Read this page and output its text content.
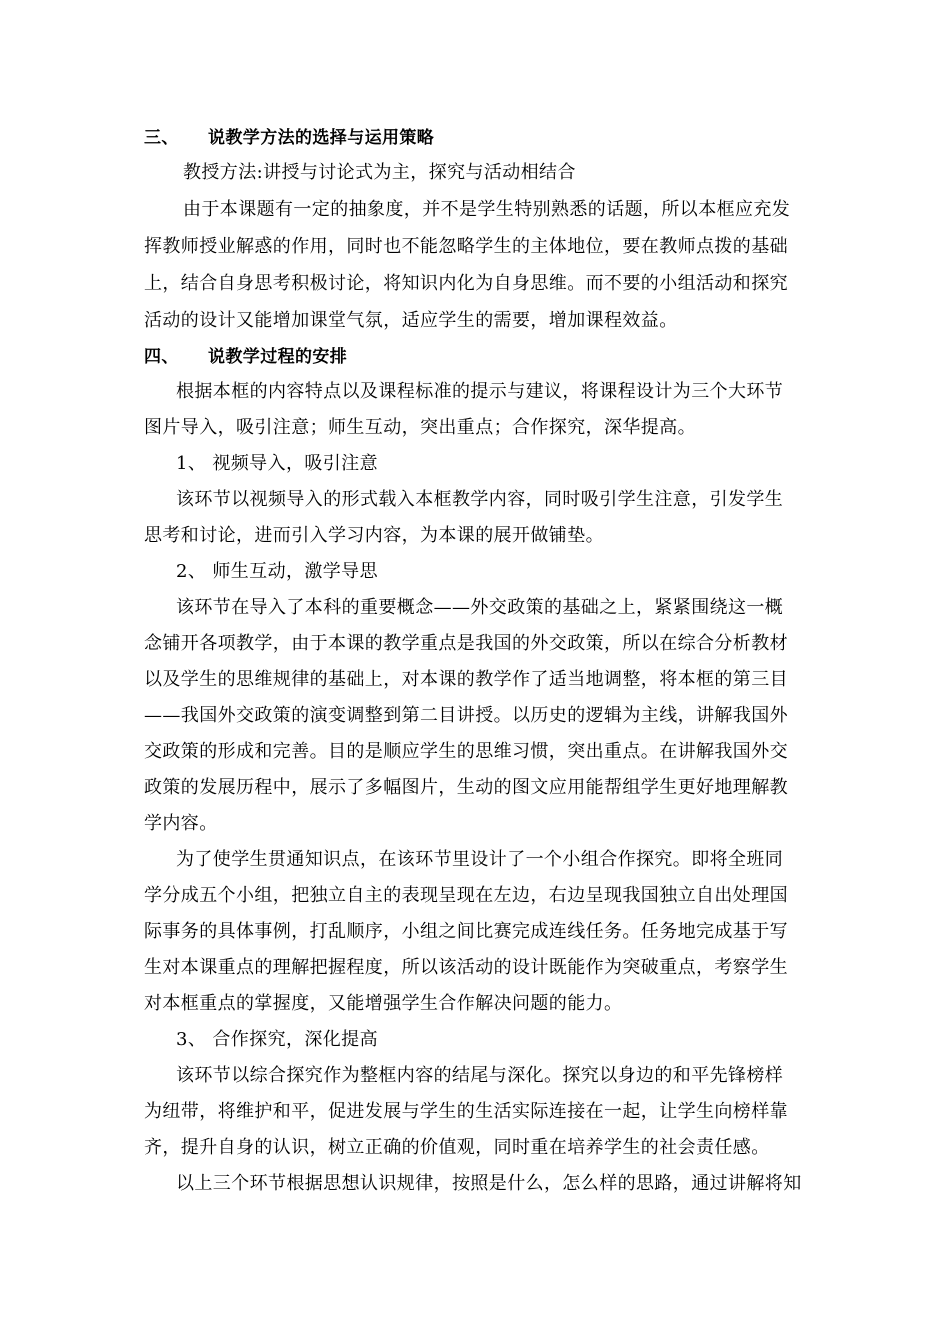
三、 说教学方法的选择与运用策略
教授方法:讲授与讨论式为主，探究与活动相结合
由于本课题有一定的抽象度，并不是学生特别熟悉的话题，所以本框应充发
挥教师授业解惑的作用，同时也不能忽略学生的主体地位，要在教师点拨的基础
上，结合自身思考积极讨论，将知识内化为自身思维。而不要的小组活动和探究
活动的设计又能增加课堂气氛，适应学生的需要，增加课程效益。
四、 说教学过程的安排
根据本框的内容特点以及课程标准的提示与建议，将课程设计为三个大环节
图片导入，吸引注意；师生互动，突出重点；合作探究，深华提高。
1、 视频导入，吸引注意
该环节以视频导入的形式载入本框教学内容，同时吸引学生注意，引发学生
思考和讨论，进而引入学习内容，为本课的展开做铺垫。
2、 师生互动，激学导思
该环节在导入了本科的重要概念——外交政策的基础之上，紧紧围绕这一概
念铺开各项教学，由于本课的教学重点是我国的外交政策，所以在综合分析教材
以及学生的思维规律的基础上，对本课的教学作了适当地调整，将本框的第三目
——我国外交政策的演变调整到第二目讲授。以历史的逻辑为主线，讲解我国外
交政策的形成和完善。目的是顺应学生的思维习惯，突出重点。在讲解我国外交
政策的发展历程中，展示了多幅图片，生动的图文应用能帮组学生更好地理解教
学内容。
为了使学生贯通知识点，在该环节里设计了一个小组合作探究。即将全班同
学分成五个小组，把独立自主的表现呈现在左边，右边呈现我国独立自出处理国
际事务的具体事例，打乱顺序，小组之间比赛完成连线任务。任务地完成基于写
生对本课重点的理解把握程度，所以该活动的设计既能作为突破重点，考察学生
对本框重点的掌握度，又能增强学生合作解决问题的能力。
3、 合作探究，深化提高
该环节以综合探究作为整框内容的结尾与深化。探究以身边的和平先锋榜样
为纽带，将维护和平，促进发展与学生的生活实际连接在一起，让学生向榜样靠
齐，提升自身的认识，树立正确的价值观，同时重在培养学生的社会责任感。
以上三个环节根据思想认识规律，按照是什么，怎么样的思路，通过讲解将知
